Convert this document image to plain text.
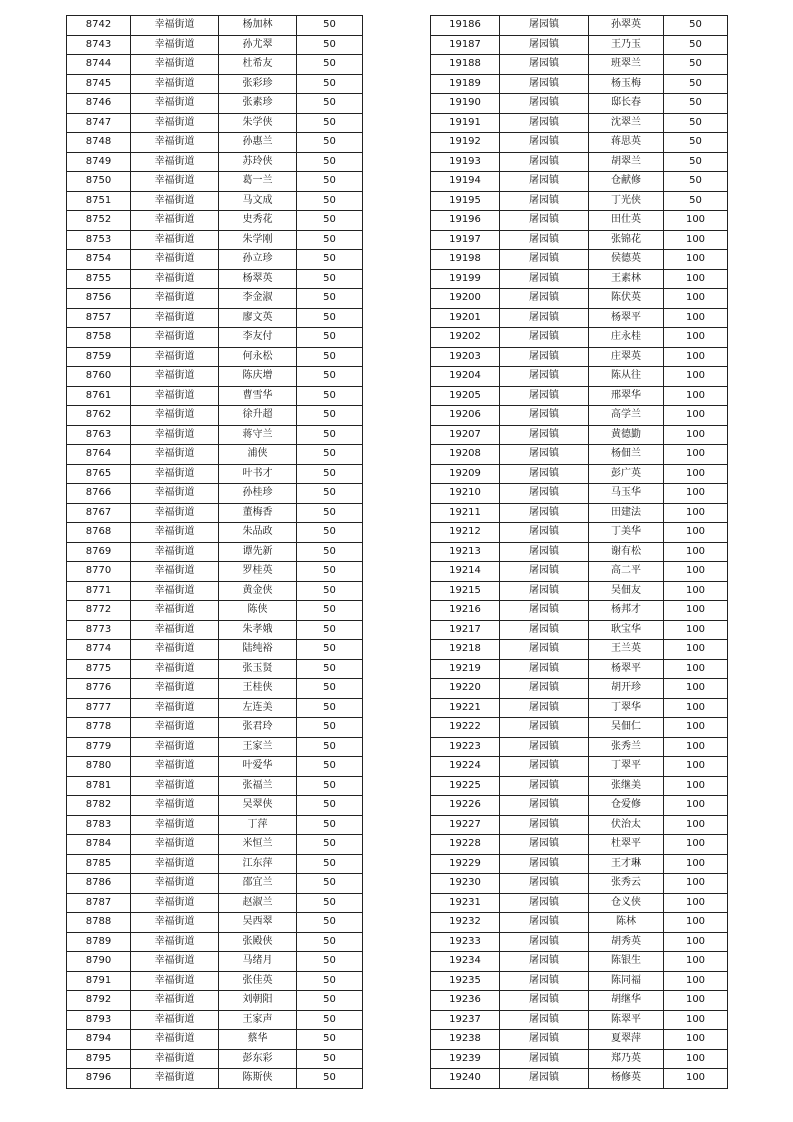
8742	幸福街道	杨加林	50
8743	幸福街道	孙尤翠	50
8744	幸福街道	杜希友	50
8745	幸福街道	张彩珍	50
8746	幸福街道	张素珍	50
8747	幸福街道	朱学侠	50
8748	幸福街道	孙惠兰	50
8749	幸福街道	苏玲侠	50
8750	幸福街道	葛一兰	50
8751	幸福街道	马文成	50
8752	幸福街道	史秀花	50
8753	幸福街道	朱学刚	50
8754	幸福街道	孙立珍	50
8755	幸福街道	杨翠英	50
8756	幸福街道	李金淑	50
8757	幸福街道	廖文英	50
8758	幸福街道	李友付	50
8759	幸福街道	何永松	50
8760	幸福街道	陈庆增	50
8761	幸福街道	曹雪华	50
8762	幸福街道	徐升超	50
8763	幸福街道	蒋守兰	50
8764	幸福街道	浦侠	50
8765	幸福街道	叶书才	50
8766	幸福街道	孙桂珍	50
8767	幸福街道	董梅香	50
8768	幸福街道	朱品政	50
8769	幸福街道	谭先新	50
8770	幸福街道	罗桂英	50
8771	幸福街道	黄金侠	50
8772	幸福街道	陈侠	50
8773	幸福街道	朱孝娥	50
8774	幸福街道	陆纯裕	50
8775	幸福街道	张玉贤	50
8776	幸福街道	王桂侠	50
8777	幸福街道	左连美	50
8778	幸福街道	张君玲	50
8779	幸福街道	王家兰	50
8780	幸福街道	叶爱华	50
8781	幸福街道	张福兰	50
8782	幸福街道	吴翠侠	50
8783	幸福街道	丁萍	50
8784	幸福街道	米恒兰	50
8785	幸福街道	江东萍	50
8786	幸福街道	邵宜兰	50
8787	幸福街道	赵淑兰	50
8788	幸福街道	吴西翠	50
8789	幸福街道	张殿侠	50
8790	幸福街道	马绪月	50
8791	幸福街道	张佳英	50
8792	幸福街道	刘朝阳	50
8793	幸福街道	王家声	50
8794	幸福街道	蔡华	50
8795	幸福街道	彭东彩	50
8796	幸福街道	陈斯侠	50
19186	屠园镇	孙翠英	50
19187	屠园镇	王乃玉	50
19188	屠园镇	班翠兰	50
19189	屠园镇	杨玉梅	50
19190	屠园镇	邸长春	50
19191	屠园镇	沈翠兰	50
19192	屠园镇	蒋思英	50
19193	屠园镇	胡翠兰	50
19194	屠园镇	仓献修	50
19195	屠园镇	丁光侠	50
19196	屠园镇	田仕英	100
19197	屠园镇	张锦花	100
19198	屠园镇	侯德英	100
19199	屠园镇	王素林	100
19200	屠园镇	陈伏英	100
19201	屠园镇	杨翠平	100
19202	屠园镇	庄永桂	100
19203	屠园镇	庄翠英	100
19204	屠园镇	陈从往	100
19205	屠园镇	邢翠华	100
19206	屠园镇	高学兰	100
19207	屠园镇	黄德勤	100
19208	屠园镇	杨佃兰	100
19209	屠园镇	彭广英	100
19210	屠园镇	马玉华	100
19211	屠园镇	田建法	100
19212	屠园镇	丁美华	100
19213	屠园镇	谢有松	100
19214	屠园镇	高二平	100
19215	屠园镇	吴佃友	100
19216	屠园镇	杨邦才	100
19217	屠园镇	耿宝华	100
19218	屠园镇	王兰英	100
19219	屠园镇	杨翠平	100
19220	屠园镇	胡开珍	100
19221	屠园镇	丁翠华	100
19222	屠园镇	吴佃仁	100
19223	屠园镇	张秀兰	100
19224	屠园镇	丁翠平	100
19225	屠园镇	张继美	100
19226	屠园镇	仓爱修	100
19227	屠园镇	伏治太	100
19228	屠园镇	杜翠平	100
19229	屠园镇	王才琳	100
19230	屠园镇	张秀云	100
19231	屠园镇	仓义侠	100
19232	屠园镇	陈林	100
19233	屠园镇	胡秀英	100
19234	屠园镇	陈银生	100
19235	屠园镇	陈同福	100
19236	屠园镇	胡继华	100
19237	屠园镇	陈翠平	100
19238	屠园镇	夏翠萍	100
19239	屠园镇	郑乃英	100
19240	屠园镇	杨修英	100
